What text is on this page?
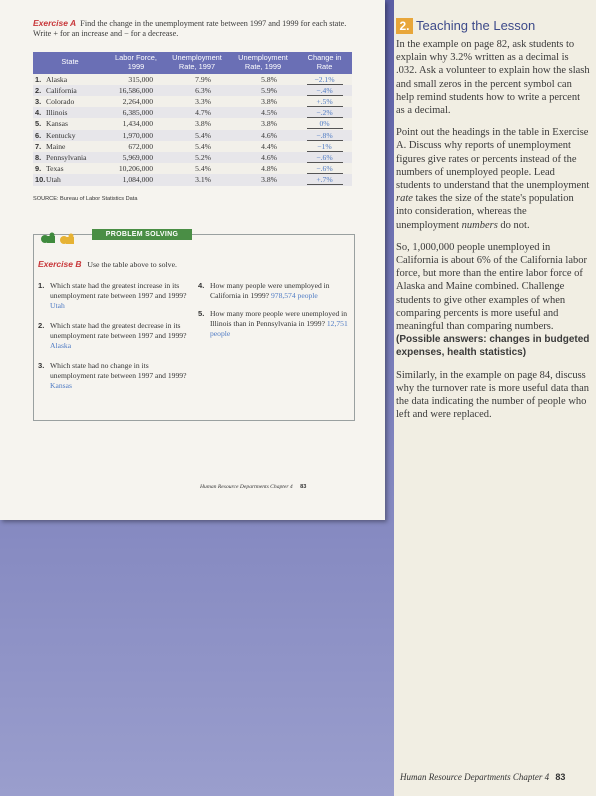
Exercise A Find the change in the unemployment rate between 1997 and 1999 for each state. Write + for an increase and − for a decrease.
State	Labor Force, 1999	Unemployment Rate, 1997	Unemployment Rate, 1999	Change in Rate
1. Alaska	315,000	7.9%	5.8%	−2.1%
2. California	16,586,000	6.3%	5.9%	−.4%
3. Colorado	2,264,000	3.3%	3.8%	+.5%
4. Illinois	6,385,000	4.7%	4.5%	−.2%
5. Kansas	1,434,000	3.8%	3.8%	0%
6. Kentucky	1,970,000	5.4%	4.6%	−.8%
7. Maine	672,000	5.4%	4.4%	−1%
8. Pennsylvania	5,969,000	5.2%	4.6%	−.6%
9. Texas	10,206,000	5.4%	4.8%	−.6%
10.Utah	1,084,000	3.1%	3.8%	+.7%
SOURCE: Bureau of Labor Statistics Data
PROBLEM SOLVING
Exercise B Use the table above to solve.
1. Which state had the greatest increase in its unemployment rate between 1997 and 1999? Utah
2. Which state had the greatest decrease in its unemployment rate between 1997 and 1999? Alaska
3. Which state had no change in its unemployment rate between 1997 and 1999? Kansas
4. How many people were unemployed in California in 1999? 978,574 people
5. How many more people were unemployed in Illinois than in Pennsylvania in 1999? 12,751 people
Human Resource Departments Chapter 4 83
2. Teaching the Lesson

In the example on page 82, ask students to explain why 3.2% written as a decimal is .032. Ask a volunteer to explain how the slash and small zeros in the percent symbol can help remind students how to write a percent as a decimal.

Point out the headings in the table in Exercise A. Discuss why reports of unemployment figures give rates or percents instead of the numbers of unemployed people. Lead students to understand that the unemployment rate takes the size of the state's population into consideration, whereas the unemployment numbers do not.

So, 1,000,000 people unemployed in California is about 6% of the California labor force, but more than the entire labor force of Alaska and Maine combined. Challenge students to give other examples of when comparing percents is more useful and meaningful than comparing numbers. (Possible answers: changes in budgeted expenses, health statistics)

Similarly, in the example on page 84, discuss why the turnover rate is more useful data than the data indicating the number of people who left and were replaced.

Human Resource Departments Chapter 4 83
